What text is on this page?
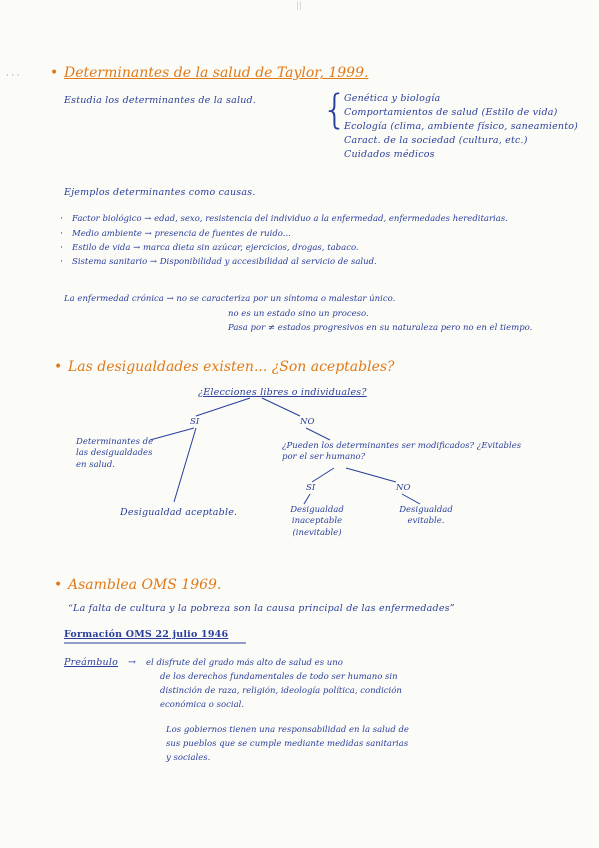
||
· · · • Determinantes de la salud de Taylor, 1999.
Estudia los determinantes de la salud. {
Genética y biología
Comportamientos de salud (Estilo de vida)
Ecología (clima, ambiente físico, saneamiento)
Caract. de la sociedad (cultura, etc.)
Cuidados médicos
Ejemplos determinantes como causas.
· Factor biológico → edad, sexo, resistencia del individuo a la enfermedad, enfermedades hereditarias.
· Medio ambiente → presencia de fuentes de ruido...
· Estilo de vida → marca dieta sin azúcar, ejercicios, drogas, tabaco.
· Sistema sanitario → Disponibilidad y accesibilidad al servicio de salud.
La enfermedad crónica → no se caracteriza por un síntoma o malestar único.
no es un estado sino un proceso.
Pasa por ≠ estados progresivos en su naturaleza pero no en el tiempo.
• Las desigualdades existen... ¿Son aceptables?
¿Elecciones libres o individuales?
SI	NO
Determinantes de las desigualdades en salud.
¿Pueden los determinantes ser modificados? ¿Evitables por el ser humano?
SI	NO
Desigualdad aceptable.	Desigualdad inaceptable (inevitable)
Desigualdad evitable.
• Asamblea OMS 1969.
“La falta de cultura y la pobreza son la causa principal de las enfermedades”
Formación OMS 22 julio 1946
Preámbulo → el disfrute del grado más alto de salud es uno
de los derechos fundamentales de todo ser humano sin
distinción de raza, religión, ideología política, condición
económica o social.
Los gobiernos tienen una responsabilidad en la salud de
sus pueblos que se cumple mediante medidas sanitarias
y sociales.
